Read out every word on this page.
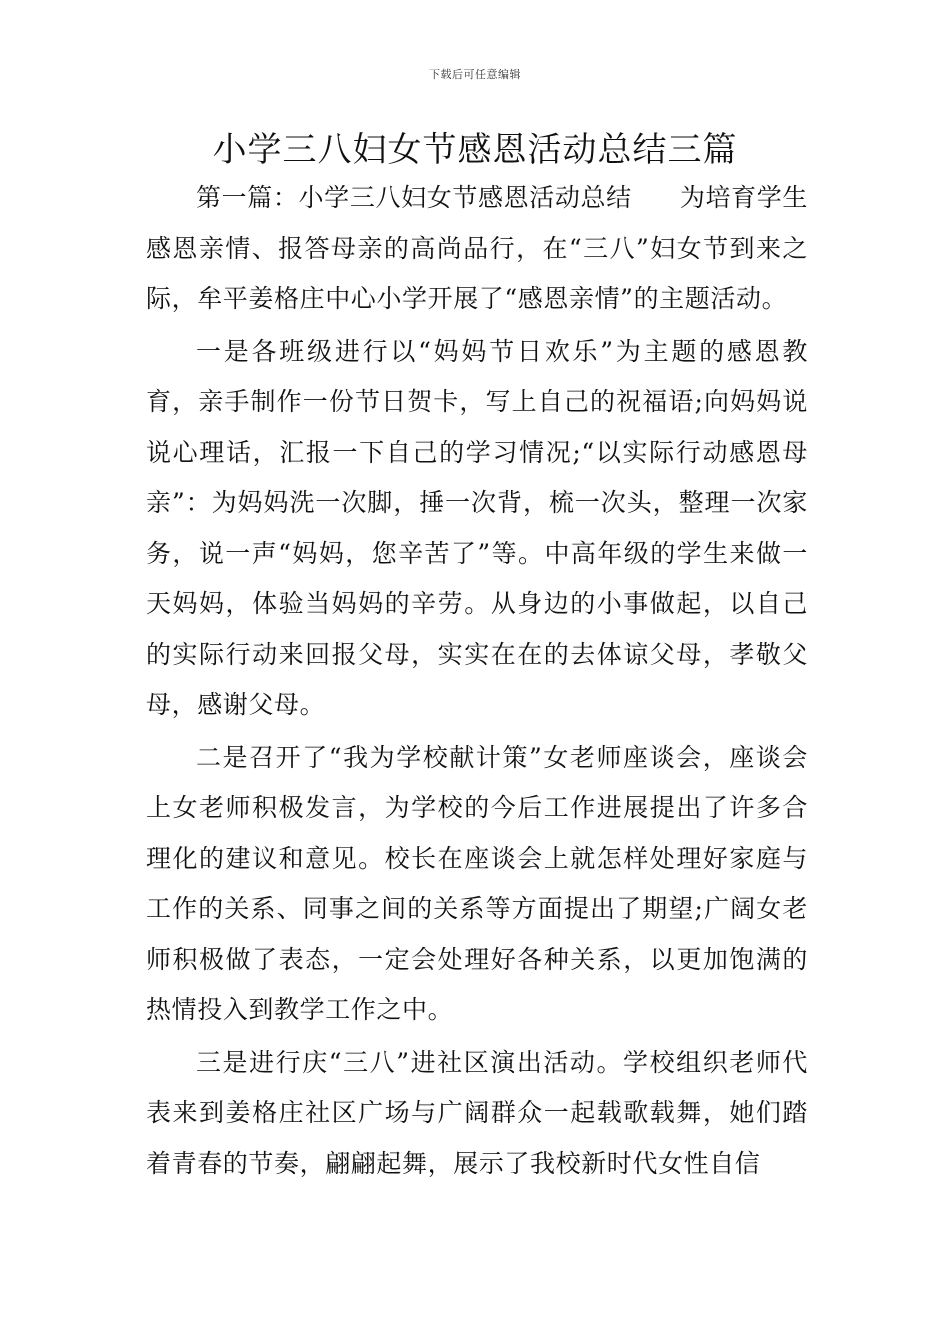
下载后可任意编辑
小学三八妇女节感恩活动总结三篇

第一篇：小学三八妇女节感恩活动总结 为培育学生感恩亲情、报答母亲的高尚品行，在“三八”妇女节到来之际，牟平姜格庄中心小学开展了“感恩亲情”的主题活动。

一是各班级进行以“妈妈节日欢乐”为主题的感恩教育，亲手制作一份节日贺卡，写上自己的祝福语;向妈妈说说心理话，汇报一下自己的学习情况;“以实际行动感恩母亲”：为妈妈洗一次脚，捶一次背，梳一次头，整理一次家务，说一声“妈妈，您辛苦了”等。中高年级的学生来做一天妈妈，体验当妈妈的辛劳。从身边的小事做起，以自己的实际行动来回报父母，实实在在的去体谅父母，孝敬父母，感谢父母。

二是召开了“我为学校献计策”女老师座谈会，座谈会上女老师积极发言，为学校的今后工作进展提出了许多合理化的建议和意见。校长在座谈会上就怎样处理好家庭与工作的关系、同事之间的关系等方面提出了期望;广阔女老师积极做了表态，一定会处理好各种关系，以更加饱满的热情投入到教学工作之中。

三是进行庆“三八”进社区演出活动。学校组织老师代表来到姜格庄社区广场与广阔群众一起载歌载舞，她们踏着青春的节奏，翩翩起舞，展示了我校新时代女性自信
